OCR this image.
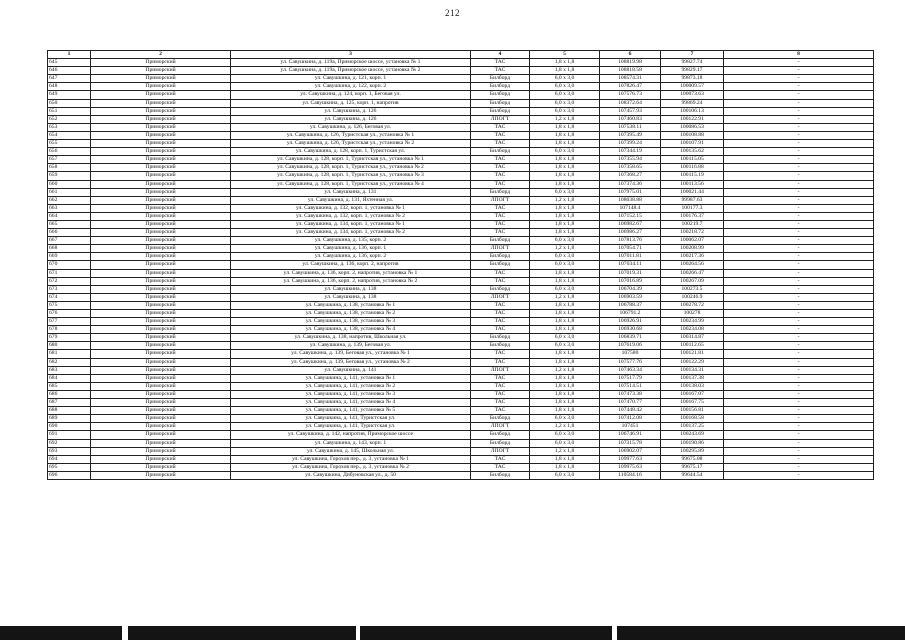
212
1	2	3	4	5	6	7	8
645	Приморский	ул. Савушкина, д. 119а, Приморское шоссе, установка № 1	ТАС	1,8 x 1,8	108819.98	99827.74	-
646	Приморский	ул. Савушкина, д. 119а, Приморское шоссе, установка № 2	ТАС	1,8 x 1,8	108818.58	99829.17	-
647	Приморский	ул. Савушкина, д. 121, корп. 1	Билборд	6,0 x 3,0	108574.31	99873.18	-
648	Приморский	ул. Савушкина, д. 122, корп. 2	Билборд	6,0 x 3,0	107826.47	100009.57	-
649	Приморский	ул. Савушкина, д. 124, корп. 1, Беговая ул.	Билборд	6,0 x 3,0	107576.73	100073.63	-
650	Приморский	ул. Савушкина, д. 125, корп. 1, напротив	Билборд	6,0 x 3,0	108372.64	99869.24	-
651	Приморский	ул. Савушкина, д. 126	Билборд	6,0 x 3,0	107457.93	100106.13	-
652	Приморский	ул. Савушкина, д. 126	ЛПОГТ	1,2 x 1,8	107460.83	100122.91	-
653	Приморский	ул. Савушкина, д. 126, Беговая ул.	ТАС	1,8 x 1,8	107538.11	100086.53	-
654	Приморский	ул. Савушкина, д. 126, Туристская ул., установка № 1	ТАС	1,8 x 1,8	107395.49	100108.88	-
655	Приморский	ул. Савушкина, д. 126, Туристская ул., установка № 2	ТАС	1,8 x 1,8	107399.24	100107.91	-
656	Приморский	ул. Савушкина, д. 128, корп. 1, Туристская ул.	Билборд	6,0 x 3,0	107344.19	100135.62	-
657	Приморский	ул. Савушкина, д. 128, корп. 1, Туристская ул., установка № 1	ТАС	1,8 x 1,8	107355.94	100115.05	-
658	Приморский	ул. Савушкина, д. 128, корп. 1, Туристская ул., установка № 2	ТАС	1,8 x 1,8	107358.65	100116.88	-
659	Приморский	ул. Савушкина, д. 128, корп. 1, Туристская ул., установка № 3	ТАС	1,8 x 1,8	107368.27	100115.19	-
660	Приморский	ул. Савушкина, д. 128, корп. 1, Туристская ул., установка № 4	ТАС	1,8 x 1,8	107374.36	100113.56	-
661	Приморский	ул. Савушкина, д. 131	Билборд	6,0 x 3,0	107975.01	100021.44	-
662	Приморский	ул. Савушкина, д. 131, Яхтенная ул.	ЛПОГТ	1,2 x 1,8	108038.88	99987.63	-
663	Приморский	ул. Савушкина, д. 132, корп. 1, установка № 1	ТАС	1,8 x 1,8	107148.4	100177.3	-
664	Приморский	ул. Савушкина, д. 132, корп. 1, установка № 2	ТАС	1,8 x 1,8	107152.15	100176.37	-
665	Приморский	ул. Савушкина, д. 134, корп. 1, установка № 1	ТАС	1,8 x 1,8	106982.67	100219.7	-
666	Приморский	ул. Савушкина, д. 134, корп. 1, установка № 2	ТАС	1,8 x 1,8	106986.27	100218.72	-
667	Приморский	ул. Савушкина, д. 135, корп. 2	Билборд	6,0 x 3,0	107813.76	100062.07	-
668	Приморский	ул. Савушкина, д. 136, корп. 1	ЛПОГТ	1,2 x 1,8	107054.71	100208.99	-
669	Приморский	ул. Савушкина, д. 136, корп. 2	Билборд	6,0 x 3,0	107011.81	100217.36	-
670	Приморский	ул. Савушкина, д. 136, корп. 2, напротив	Билборд	6,0 x 3,0	107034.11	100264.56	-
671	Приморский	ул. Савушкина, д. 136, корп. 2, напротив, установка № 1	ТАС	1,8 x 1,8	107019.31	100266.47	-
672	Приморский	ул. Савушкина, д. 136, корп. 2, напротив, установка № 2	ТАС	1,8 x 1,8	107016.89	100267.09	-
673	Приморский	ул. Савушкина, д. 138	Билборд	6,0 x 3,0	106704.39	100273.5	-
674	Приморский	ул. Савушкина, д. 138	ЛПОГТ	1,2 x 1,8	106903.59	100246.9	-
675	Приморский	ул. Савушкина, д. 138, установка № 1	ТАС	1,8 x 1,8	106788.37	100278.72	-
676	Приморский	ул. Савушкина, д. 138, установка № 2	ТАС	1,8 x 1,8	106791.2	100278	-
677	Приморский	ул. Савушкина, д. 138, установка № 3	ТАС	1,8 x 1,8	106926.91	100234.99	-
678	Приморский	ул. Савушкина, д. 138, установка № 4	ТАС	1,8 x 1,8	106930.68	100234.08	-
679	Приморский	ул. Савушкина, д. 138, напротив, Школьная ул.	Билборд	6,0 x 3,0	106839.71	100314.87	-
680	Приморский	ул. Савушкина, д. 139, Беговая ул.	Билборд	6,0 x 3,0	107619.06	100112.65	-
681	Приморский	ул. Савушкина, д. 139, Беговая ул., установка № 1	ТАС	1,8 x 1,8	107580	100121.81	-
682	Приморский	ул. Савушкина, д. 139, Беговая ул., установка № 2	ТАС	1,8 x 1,8	107577.76	100122.29	-
683	Приморский	ул. Савушкина, д. 141	ЛПОГТ	1,2 x 1,8	107463.34	100134.31	-
684	Приморский	ул. Савушкина, д. 141, установка № 1	ТАС	1,8 x 1,8	107517.79	100137.38	-
685	Приморский	ул. Савушкина, д. 141, установка № 2	ТАС	1,8 x 1,8	107514.51	100138.03	-
686	Приморский	ул. Савушкина, д. 141, установка № 3	ТАС	1,8 x 1,8	107473.38	100167.07	-
687	Приморский	ул. Савушкина, д. 141, установка № 4	ТАС	1,8 x 1,8	107470.77	100167.75	-
688	Приморский	ул. Савушкина, д. 141, установка № 5	ТАС	1,8 x 1,8	107448.42	100156.81	-
689	Приморский	ул. Савушкина, д. 141, Туристская ул.	Билборд	6,0 x 3,0	107412.08	100168.58	-
690	Приморский	ул. Савушкина, д. 141, Туристская ул.	ЛПОГТ	1,2 x 1,8	107451	100137.25	-
691	Приморский	ул. Савушкина, д. 142, напротив, Приморское шоссе	Билборд	6,0 x 3,0	106746.91	100243.69	-
692	Приморский	ул. Савушкина, д. 143, корп. 1	Билборд	6,0 x 3,0	107315.78	100190.86	-
693	Приморский	ул. Савушкина, д. 145, Школьная ул.	ЛПОГТ	1,2 x 1,8	106902.07	100295.89	-
694	Приморский	ул. Савушкина, Горохов пер., д. 3, установка № 1	ТАС	1,8 x 1,8	109977.63	99675.08	-
695	Приморский	ул. Савушкина, Горохов пер., д. 3, установка № 2	ТАС	1,8 x 1,8	109975.63	99675.17	-
696	Приморский	ул. Савушкина, Дибуновская ул., д. 50	Билборд	6,0 x 3,0	110584.16	99644.54	-
